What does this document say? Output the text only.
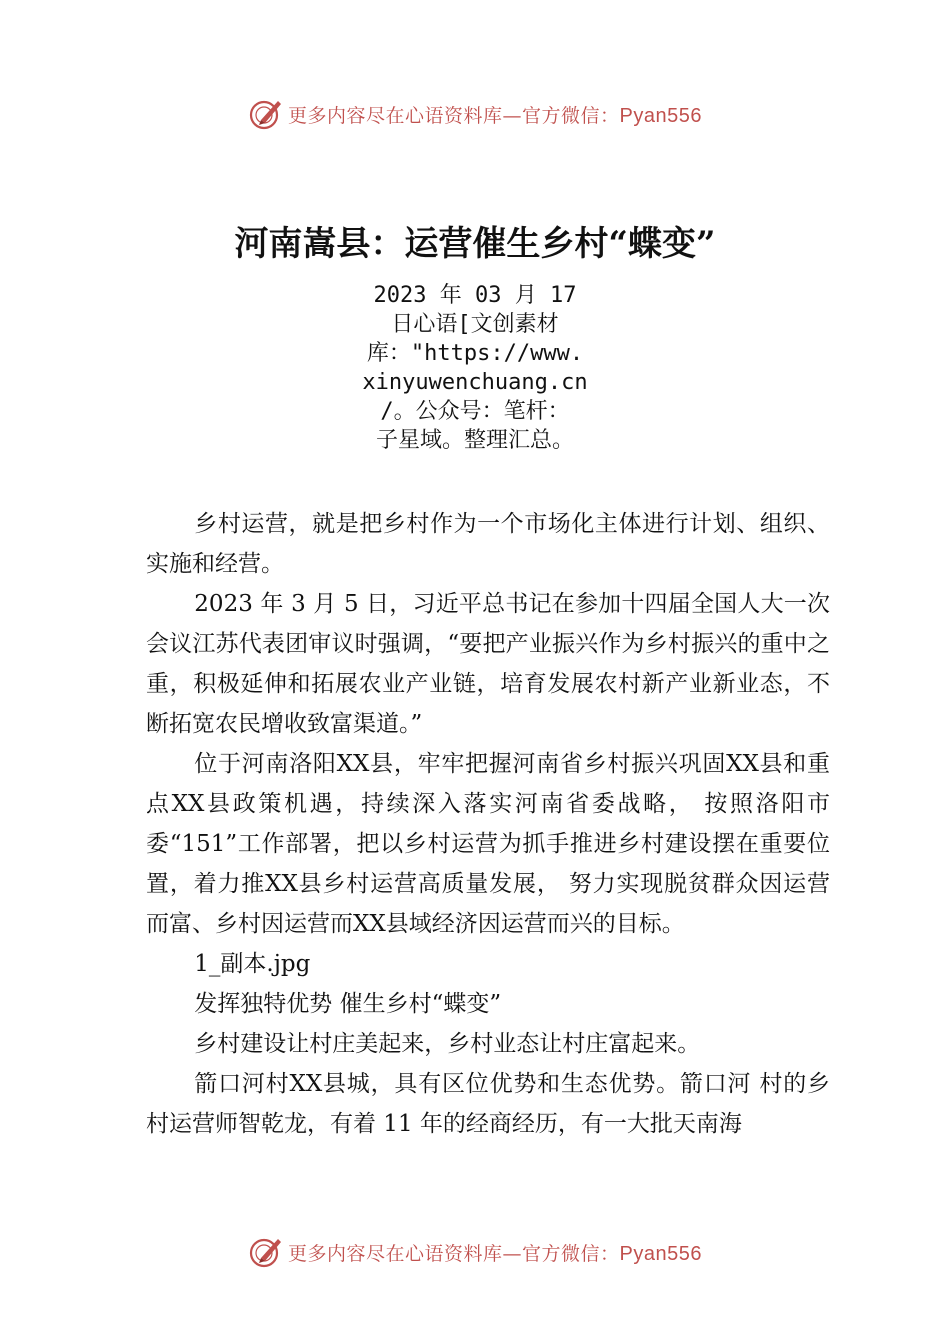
更多内容尽在心语资料库—官方微信：Pyan556
河南嵩县：运营催生乡村“蝶变”
2023 年 03 月 17
日心语[文创素材
库："https://www.
xinyuwenchuang.cn
/。公众号：笔杆：
子星域。整理汇总。

乡村运营，就是把乡村作为一个市场化主体进行计划、组织、实施和经营。

2023 年 3 月 5 日，习近平总书记在参加十四届全国人大一次会议江苏代表团审议时强调，“要把产业振兴作为乡村振兴的重中之重，积极延伸和拓展农业产业链，培育发展农村新产业新业态，不断拓宽农民增收致富渠道。”

位于河南洛阳XX县，牢牢把握河南省乡村振兴巩固XX县和重点XX县政策机遇，持续深入落实河南省委战略， 按照洛阳市委“151”工作部署，把以乡村运营为抓手推进乡村建设摆在重要位置，着力推XX县乡村运营高质量发展， 努力实现脱贫群众因运营而富、乡村因运营而XX县域经济因运营而兴的目标。

1_副本.jpg

发挥独特优势 催生乡村“蝶变”

乡村建设让村庄美起来，乡村业态让村庄富起来。

箭口河村XX县城，具有区位优势和生态优势。箭口河 村的乡村运营师智乾龙，有着 11 年的经商经历，有一大批天南海

更多内容尽在心语资料库—官方微信：Pyan556
